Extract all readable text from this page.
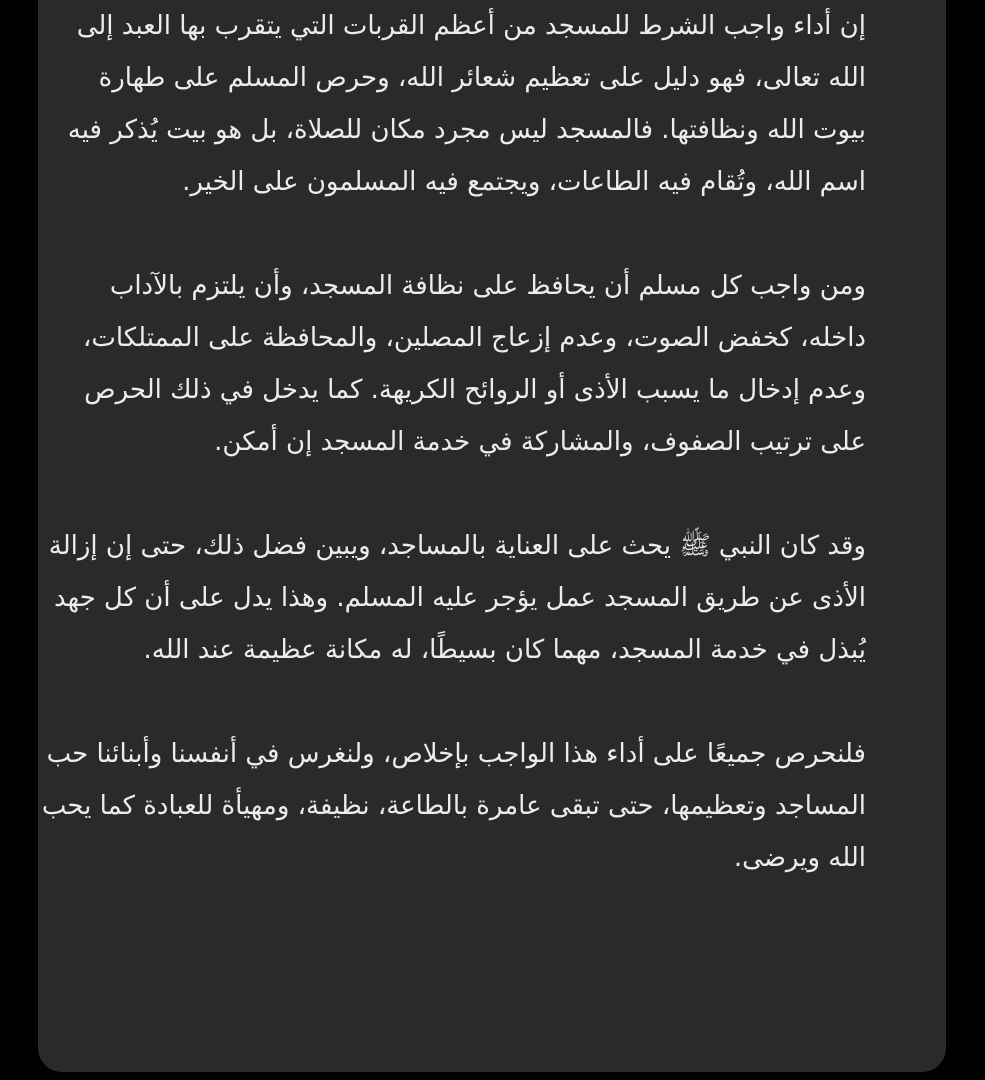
إن أداء واجب الشرط للمسجد من أعظم القربات التي يتقرب بها العبد إلى الله تعالى، فهو دليل على تعظيم شعائر الله، وحرص المسلم على طهارة بيوت الله ونظافتها. فالمسجد ليس مجرد مكان للصلاة، بل هو بيت يُذكر فيه اسم الله، وتُقام فيه الطاعات، ويجتمع فيه المسلمون على الخير.

ومن واجب كل مسلم أن يحافظ على نظافة المسجد، وأن يلتزم بالآداب داخله، كخفض الصوت، وعدم إزعاج المصلين، والمحافظة على الممتلكات، وعدم إدخال ما يسبب الأذى أو الروائح الكريهة. كما يدخل في ذلك الحرص على ترتيب الصفوف، والمشاركة في خدمة المسجد إن أمكن.

وقد كان النبي ﷺ يحث على العناية بالمساجد، ويبين فضل ذلك، حتى إن إزالة الأذى عن طريق المسجد عمل يؤجر عليه المسلم. وهذا يدل على أن كل جهد يُبذل في خدمة المسجد، مهما كان بسيطًا، له مكانة عظيمة عند الله.

فلنحرص جميعًا على أداء هذا الواجب بإخلاص، ولنغرس في أنفسنا وأبنائنا حب المساجد وتعظيمها، حتى تبقى عامرة بالطاعة، نظيفة، ومهيأة للعبادة كما يحب الله ويرضى.
